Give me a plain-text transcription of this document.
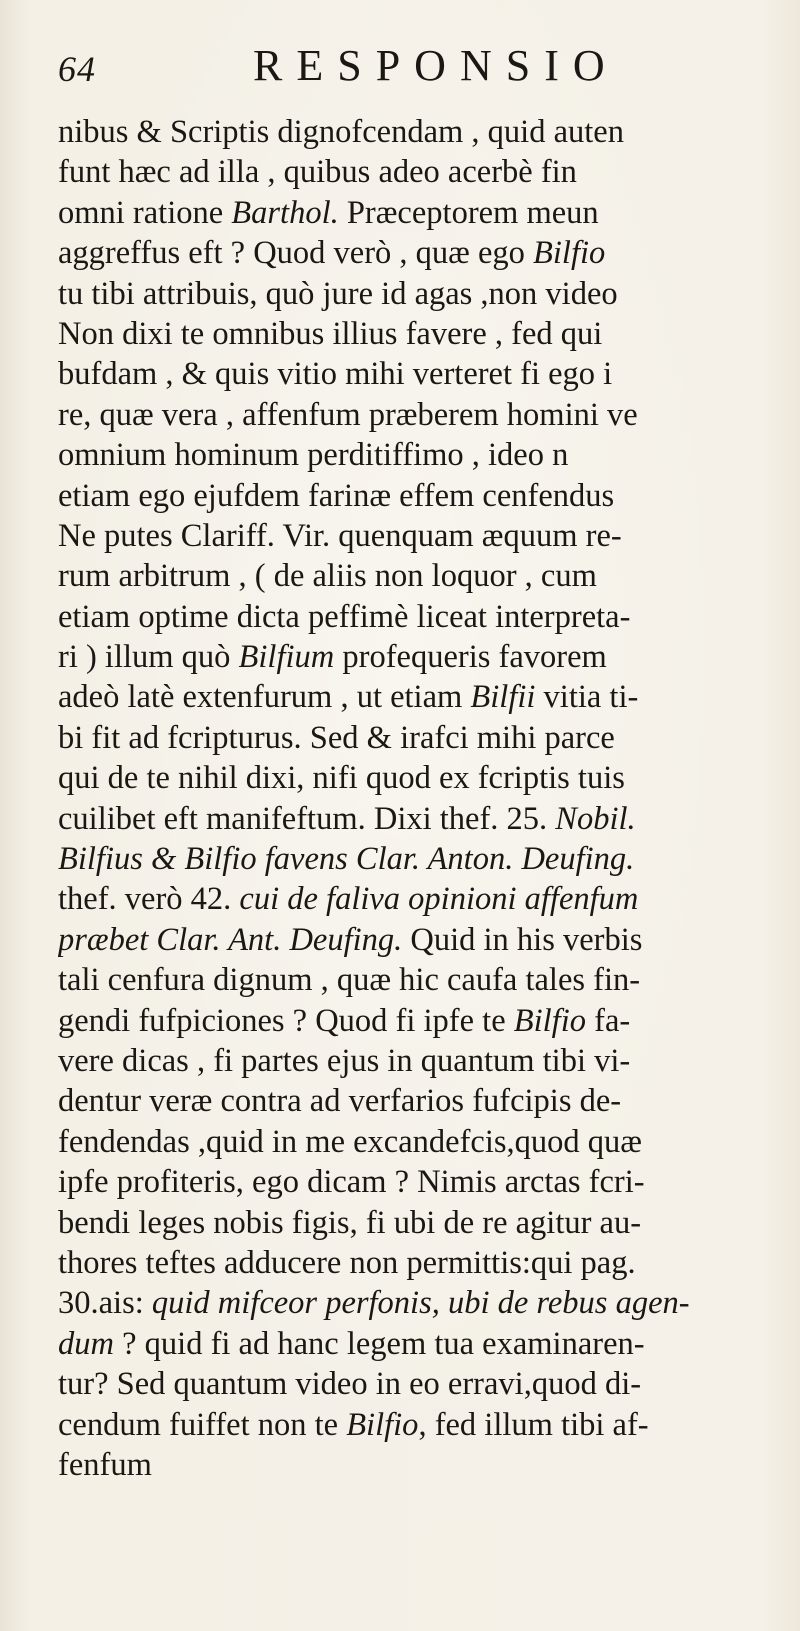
64	RESPONSIO
nibus & Scriptis dignofcendam , quid auten
funt hæc ad illa , quibus adeo acerbè fin
omni ratione Barthol. Præceptorem meun
aggreffus eft ? Quod verò , quæ ego Bilfio
tu tibi attribuis, quò jure id agas ,non video
Non dixi te omnibus illius favere , fed qui
bufdam , & quis vitio mihi verteret fi ego i
re, quæ vera , affenfum præberem homini ve
omnium hominum perditiffimo , ideo n
etiam ego ejufdem farinæ effem cenfendus
Ne putes Clariff. Vir. quenquam æquum re-
rum arbitrum , ( de aliis non loquor , cum
etiam optime dicta peffimè liceat interpreta-
ri ) illum quò Bilfium profequeris favorem
adeò latè extenfurum , ut etiam Bilfii vitia ti-
bi fit ad fcripturus. Sed & irafci mihi parce
qui de te nihil dixi, nifi quod ex fcriptis tuis
cuilibet eft manifeftum. Dixi thef. 25. Nobil.
Bilfius & Bilfio favens Clar. Anton. Deufing.
thef. verò 42. cui de faliva opinioni affenfum
præbet Clar. Ant. Deufing. Quid in his verbis
tali cenfura dignum , quæ hic caufa tales fin-
gendi fufpiciones ? Quod fi ipfe te Bilfio fa-
vere dicas , fi partes ejus in quantum tibi vi-
dentur veræ contra ad verfarios fufcipis de-
fendendas ,quid in me excandefcis,quod quæ
ipfe profiteris, ego dicam ? Nimis arctas fcri-
bendi leges nobis figis, fi ubi de re agitur au-
thores teftes adducere non permittis:qui pag.
30.ais: quid mifceor perfonis, ubi de rebus agen-
dum ? quid fi ad hanc legem tua examinaren-
tur? Sed quantum video in eo erravi,quod di-
cendum fuiffet non te Bilfio, fed illum tibi af-
fenfum
